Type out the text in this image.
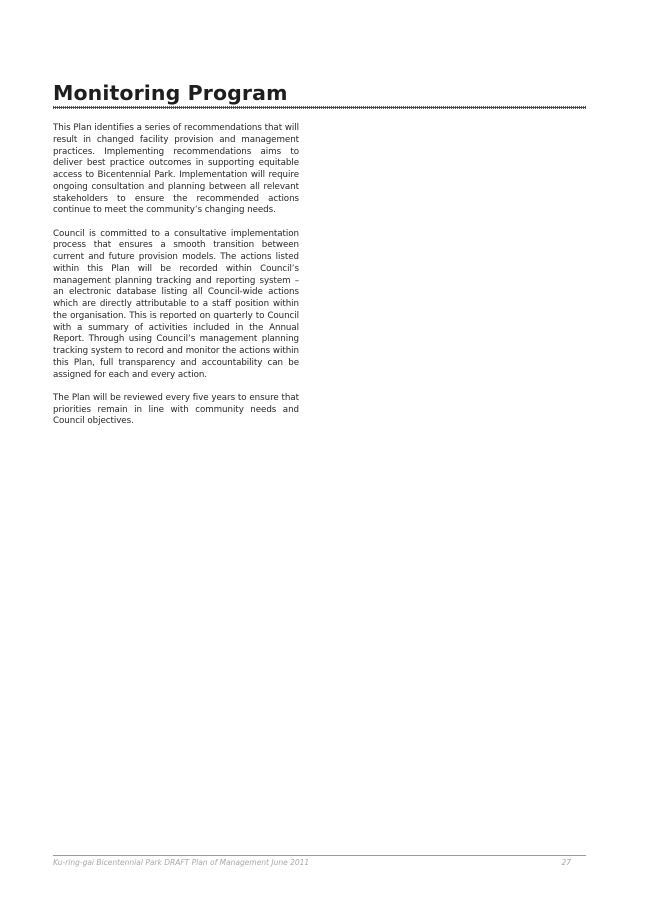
Monitoring Program

This Plan identifies a series of recommendations that will result in changed facility provision and management practices. Implementing recommendations aims to deliver best practice outcomes in supporting equitable access to Bicentennial Park. Implementation will require ongoing consultation and planning between all relevant stakeholders to ensure the recommended actions continue to meet the community’s changing needs.

Council is committed to a consultative implementation process that ensures a smooth transition between current and future provision models. The actions listed within this Plan will be recorded within Council’s management planning tracking and reporting system – an electronic database listing all Council-wide actions which are directly attributable to a staff position within the organisation. This is reported on quarterly to Council with a summary of activities included in the Annual Report. Through using Council’s management planning tracking system to record and monitor the actions within this Plan, full transparency and accountability can be assigned for each and every action.

The Plan will be reviewed every five years to ensure that priorities remain in line with community needs and Council objectives.

Ku-ring-gai Bicentennial Park DRAFT Plan of Management June 2011	27
